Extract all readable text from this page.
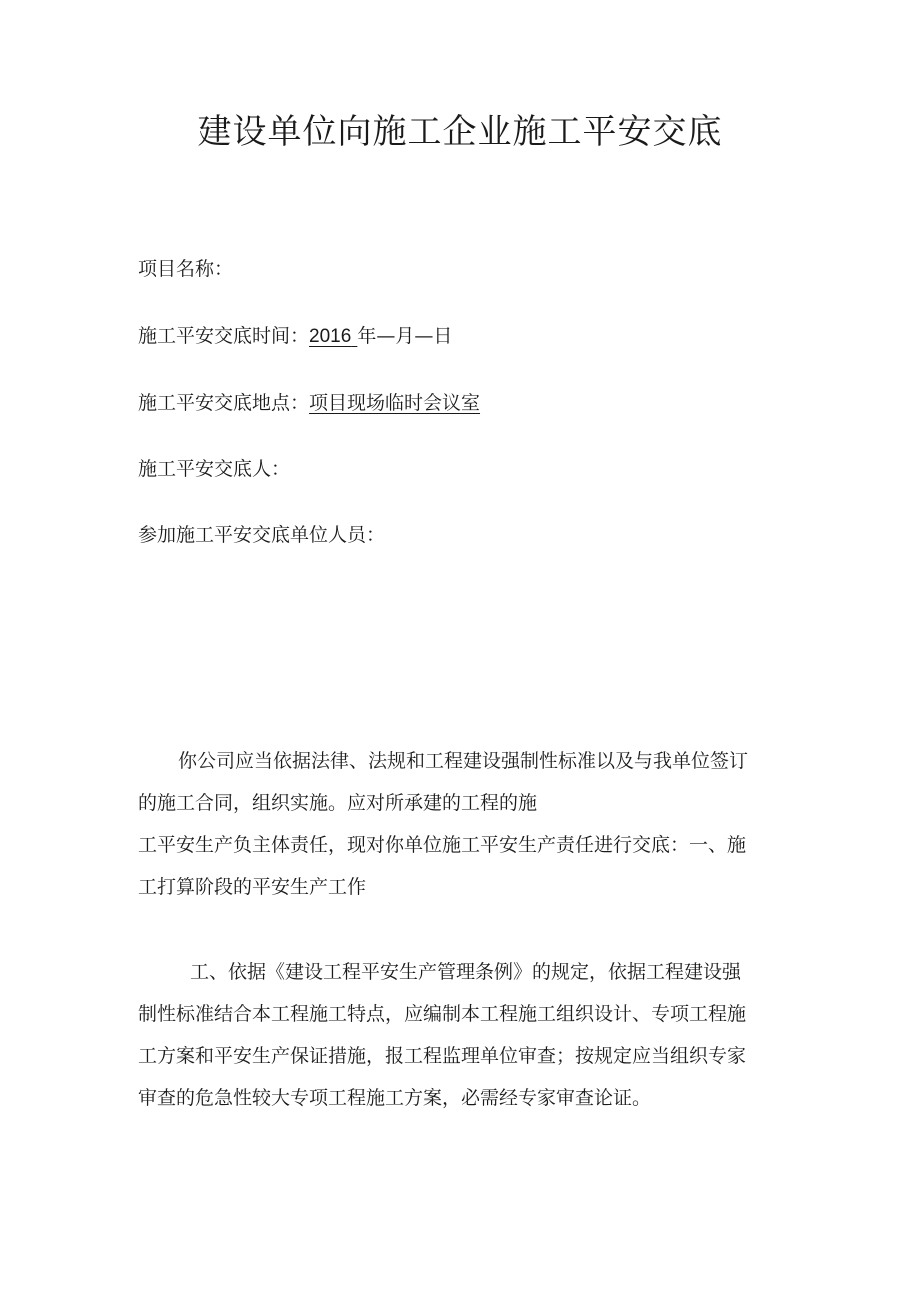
建设单位向施工企业施工平安交底
项目名称：
施工平安交底时间：2016 年—月—日
施工平安交底地点：项目现场临时会议室
施工平安交底人：
参加施工平安交底单位人员：
你公司应当依据法律、法规和工程建设强制性标准以及与我单位签订
的施工合同，组织实施。应对所承建的工程的施
工平安生产负主体责任，现对你单位施工平安生产责任进行交底：一、施
工打算阶段的平安生产工作
工、依据《建设工程平安生产管理条例》的规定，依据工程建设强
制性标准结合本工程施工特点，应编制本工程施工组织设计、专项工程施
工方案和平安生产保证措施，报工程监理单位审查；按规定应当组织专家
审查的危急性较大专项工程施工方案，必需经专家审查论证。
